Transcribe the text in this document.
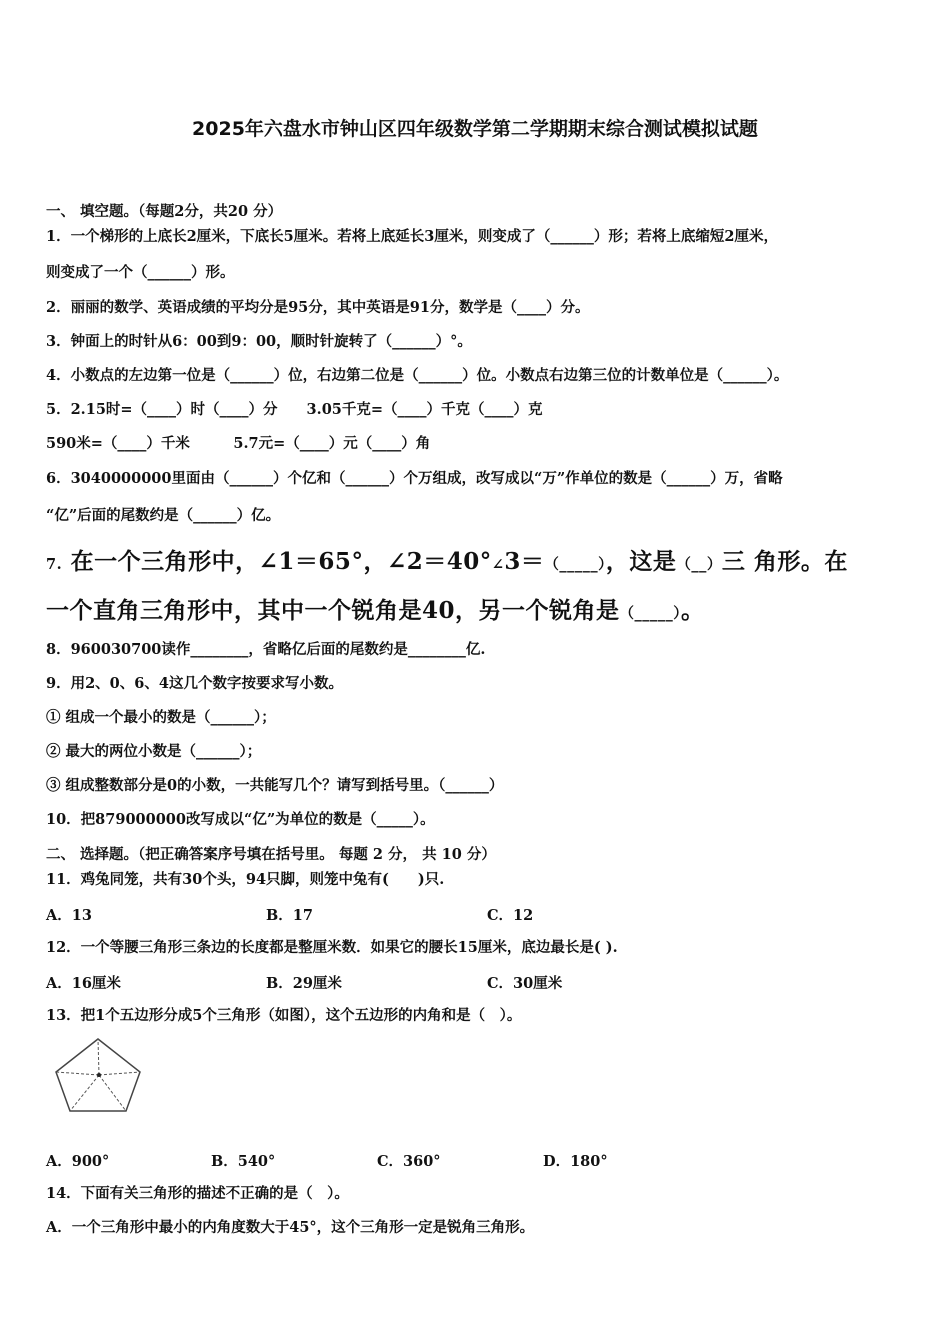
2025年六盘水市钟山区四年级数学第二学期期末综合测试模拟试题
一、 填空题。（每题2分，共20 分）
1．一个梯形的上底长2厘米，下底长5厘米。若将上底延长3厘米，则变成了（______）形；若将上底缩短2厘米，
则变成了一个（______）形。
2．丽丽的数学、英语成绩的平均分是95分，其中英语是91分，数学是（____）分。
3．钟面上的时针从6：00到9：00，顺时针旋转了（______）°。
4．小数点的左边第一位是（______）位，右边第二位是（______）位。小数点右边第三位的计数单位是（______）。
5．2.15时=（____）时（____）分　　3.05千克=（____）千克（____）克
590米=（____）千米　　　5.7元=（____）元（____）角
6．3040000000里面由（______）个亿和（______）个万组成，改写成以“万”作单位的数是（______）万，省略
“亿”后面的尾数约是（______）亿。
7. 在一个三角形中，∠1＝65°，∠2＝40°∠3＝（_____），这是（__）三 角形。在
一个直角三角形中，其中一个锐角是40，另一个锐角是（_____）。
8．960030700读作________，省略亿后面的尾数约是________亿.
9．用2、0、6、4这几个数字按要求写小数。
① 组成一个最小的数是（______）；
② 最大的两位小数是（______）；
③ 组成整数部分是0的小数，一共能写几个？请写到括号里。（______）
10．把879000000改写成以“亿”为单位的数是（_____）。
二、 选择题。（把正确答案序号填在括号里。 每题 2 分， 共 10 分）
11．鸡兔同笼，共有30个头，94只脚，则笼中兔有(　　)只.
A．13	B．17	C．12
12．一个等腰三角形三条边的长度都是整厘米数．如果它的腰长15厘米，底边最长是( ).
A．16厘米	B．29厘米	C．30厘米
13．把1个五边形分成5个三角形（如图），这个五边形的内角和是（　）。
A．900°	B．540°	C．360°	D．180°
14．下面有关三角形的描述不正确的是（　）。
A．一个三角形中最小的内角度数大于45°，这个三角形一定是锐角三角形。
